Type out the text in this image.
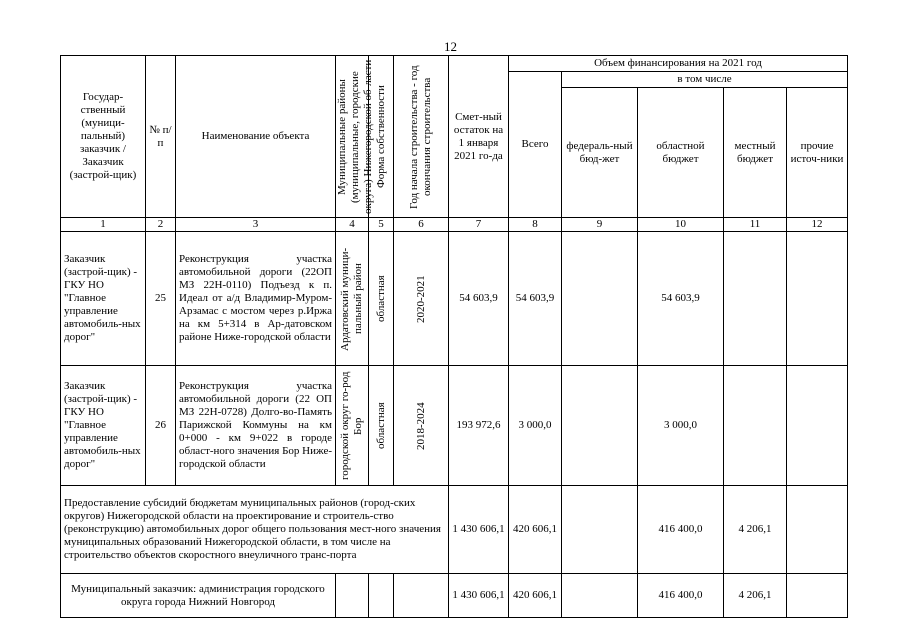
12
Государ-ственный (муници-пальный) заказчик / Заказчик (застрой-щик)	№ п/п	Наименование объекта	Муниципальные районы (муниципальные, городские округа) Нижегородской об-ласти	Форма собственности	Год начала строительства - год окончания строительства	Смет-ный остаток на 1 января 2021 го-да	Объем финансирования на 2021 год				
							Всего	в том числе			
								федераль-ный бюд-жет	областной бюджет	местный бюджет	прочие источ-ники
1	2	3	4	5	6	7	8	9	10	11	12
Заказчик (застрой-щик) - ГКУ НО "Главное управление автомобиль-ных дорог"	25	Реконструкция участка автомобильной дороги (22ОП МЗ 22Н-0110) Подъезд к п. Идеал от а/д Владимир-Муром-Арзамас с мостом через р.Иржа на км 5+314 в Ар-датовском районе Ниже-городской области	Ардатовский муници-пальный район	областная	2020-2021	54 603,9	54 603,9		54 603,9		
Заказчик (застрой-щик) - ГКУ НО "Главное управление автомобиль-ных дорог"	26	Реконструкция участка автомобильной дороги (22 ОП МЗ 22Н-0728) Долго-во-Память Парижской Коммуны на км 0+000 - км 9+022 в городе област-ного значения Бор Ниже-городской области	городской округ го-род Бор	областная	2018-2024	193 972,6	3 000,0		3 000,0		
Предоставление субсидий бюджетам муниципальных районов (город-ских округов) Нижегородской области на проектирование и строитель-ство (реконструкцию) автомобильных дорог общего пользования мест-ного значения муниципальных образований Нижегородской области, в том числе на строительство объектов скоростного внеуличного транс-порта						1 430 606,1	420 606,1		416 400,0	4 206,1	
Муниципальный заказчик: администрация городского округа города Нижний Новгород						1 430 606,1	420 606,1		416 400,0	4 206,1	
